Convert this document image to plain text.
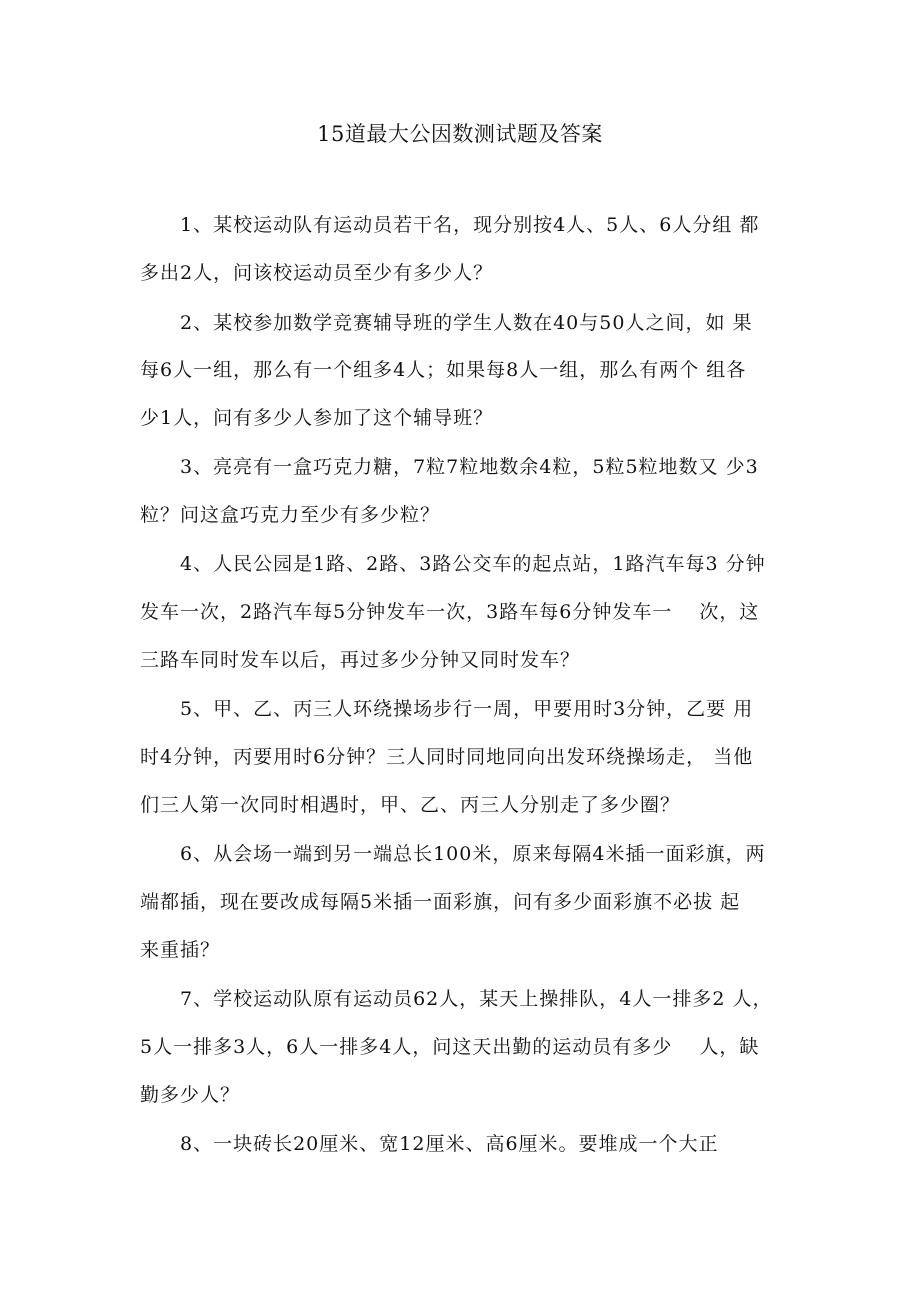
15道最大公因数测试题及答案

1、某校运动队有运动员若干名，现分别按4人、5人、6人分组 都

多出2人，问该校运动员至少有多少人？

2、某校参加数学竞赛辅导班的学生人数在40与50人之间，如 果

每6人一组，那么有一个组多4人；如果每8人一组，那么有两个 组各

少1人，问有多少人参加了这个辅导班？

3、亮亮有一盒巧克力糖，7粒7粒地数余4粒，5粒5粒地数又 少3

粒？问这盒巧克力至少有多少粒？

4、人民公园是1路、2路、3路公交车的起点站，1路汽车每3 分钟

发车一次，2路汽车每5分钟发车一次，3路车每6分钟发车一　 次，这

三路车同时发车以后，再过多少分钟又同时发车？

5、甲、乙、丙三人环绕操场步行一周，甲要用时3分钟，乙要 用

时4分钟，丙要用时6分钟？三人同时同地同向出发环绕操场走， 当他

们三人第一次同时相遇时，甲、乙、丙三人分别走了多少圈？

6、从会场一端到另一端总长100米，原来每隔4米插一面彩旗，两

端都插，现在要改成每隔5米插一面彩旗，问有多少面彩旗不必拔 起

来重插？

7、学校运动队原有运动员62人，某天上操排队，4人一排多2 人，

5人一排多3人，6人一排多4人，问这天出勤的运动员有多少　 人，缺

勤多少人？

8、一块砖长20厘米、宽12厘米、高6厘米。要堆成一个大正
